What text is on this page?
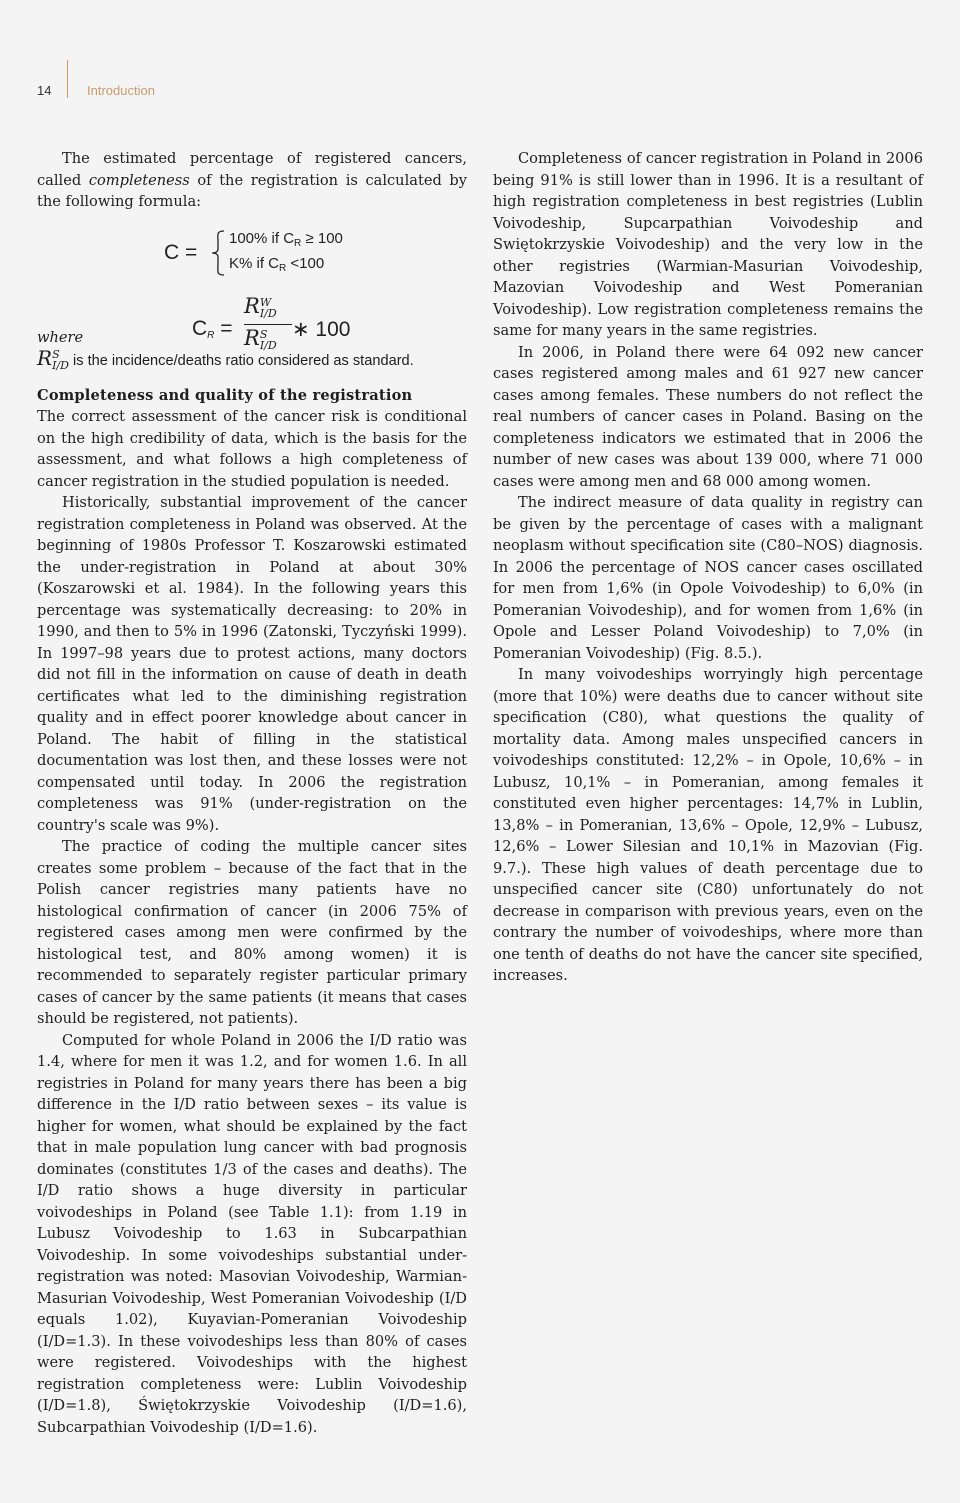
14	Introduction

The estimated percentage of registered cancers, called completeness of the registration is calculated by the following formula:

C =
100% if $C_R \ge 100$
K% if $C_R <100$
$C_R$ =
R W
I/D
R S
I/D
∗ 100
where
R S
I/D is the incidence/deaths ratio considered as standard.
Completeness and quality of the registration

The correct assessment of the cancer risk is conditional on the high credibility of data, which is the basis for the assessment, and what follows a high completeness of cancer registration in the studied population is needed.

Historically, substantial improvement of the cancer registration completeness in Poland was observed. At the beginning of 1980s Professor T. Koszarowski estimated the under-registration in Poland at about 30% (Koszarowski et al. 1984). In the following years this percentage was systematically decreasing: to 20% in 1990, and then to 5% in 1996 (Zatonski, Tyczyński 1999). In 1997–98 years due to protest actions, many doctors did not fill in the information on cause of death in death certificates what led to the diminishing registration quality and in effect poorer knowledge about cancer in Poland. The habit of filling in the statistical documentation was lost then, and these losses were not compensated until today. In 2006 the registration completeness was 91% (under-registration on the country's scale was 9%).

The practice of coding the multiple cancer sites creates some problem – because of the fact that in the Polish cancer registries many patients have no histological confirmation of cancer (in 2006 75% of registered cases among men were confirmed by the histological test, and 80% among women) it is recommended to separately register particular primary cases of cancer by the same patients (it means that cases should be registered, not patients).

Computed for whole Poland in 2006 the I/D ratio was 1.4, where for men it was 1.2, and for women 1.6. In all registries in Poland for many years there has been a big difference in the I/D ratio between sexes – its value is higher for women, what should be explained by the fact that in male population lung cancer with bad prognosis dominates (constitutes 1/3 of the cases and deaths). The I/D ratio shows a huge diversity in particular voivodeships in Poland (see Table 1.1): from 1.19 in Lubusz Voivodeship to 1.63 in Subcarpathian Voivodeship. In some voivodeships substantial under-registration was noted: Masovian Voivodeship, Warmian-Masurian Voivodeship, West Pomeranian Voivodeship (I/D equals 1.02), Kuyavian-Pomeranian Voivodeship (I/D=1.3). In these voivodeships less than 80% of cases were registered. Voivodeships with the highest registration completeness were: Lublin Voivodeship (I/D=1.8), Świętokrzyskie Voivodeship (I/D=1.6), Subcarpathian Voivodeship (I/D=1.6).

Completeness of cancer registration in Poland in 2006 being 91% is still lower than in 1996. It is a resultant of high registration completeness in best registries (Lublin Voivodeship, Supcarpathian Voivodeship and Swiętokrzyskie Voivodeship) and the very low in the other registries (Warmian-Masurian Voivodeship, Mazovian Voivodeship and West Pomeranian Voivodeship). Low registration completeness remains the same for many years in the same registries.

In 2006, in Poland there were 64 092 new cancer cases registered among males and 61 927 new cancer cases among females. These numbers do not reflect the real numbers of cancer cases in Poland. Basing on the completeness indicators we estimated that in 2006 the number of new cases was about 139 000, where 71 000 cases were among men and 68 000 among women.

The indirect measure of data quality in registry can be given by the percentage of cases with a malignant neoplasm without specification site (C80–NOS) diagnosis. In 2006 the percentage of NOS cancer cases oscillated for men from 1,6% (in Opole Voivodeship) to 6,0% (in Pomeranian Voivodeship), and for women from 1,6% (in Opole and Lesser Poland Voivodeship) to 7,0% (in Pomeranian Voivodeship) (Fig. 8.5.).

In many voivodeships worryingly high percentage (more that 10%) were deaths due to cancer without site specification (C80), what questions the quality of mortality data. Among males unspecified cancers in voivodeships constituted: 12,2% – in Opole, 10,6% – in Lubusz, 10,1% – in Pomeranian, among females it constituted even higher percentages: 14,7% in Lublin, 13,8% – in Pomeranian, 13,6% – Opole, 12,9% – Lubusz, 12,6% – Lower Silesian and 10,1% in Mazovian (Fig. 9.7.). These high values of death percentage due to unspecified cancer site (C80) unfortunately do not decrease in comparison with previous years, even on the contrary the number of voivodeships, where more than one tenth of deaths do not have the cancer site specified, increases.
